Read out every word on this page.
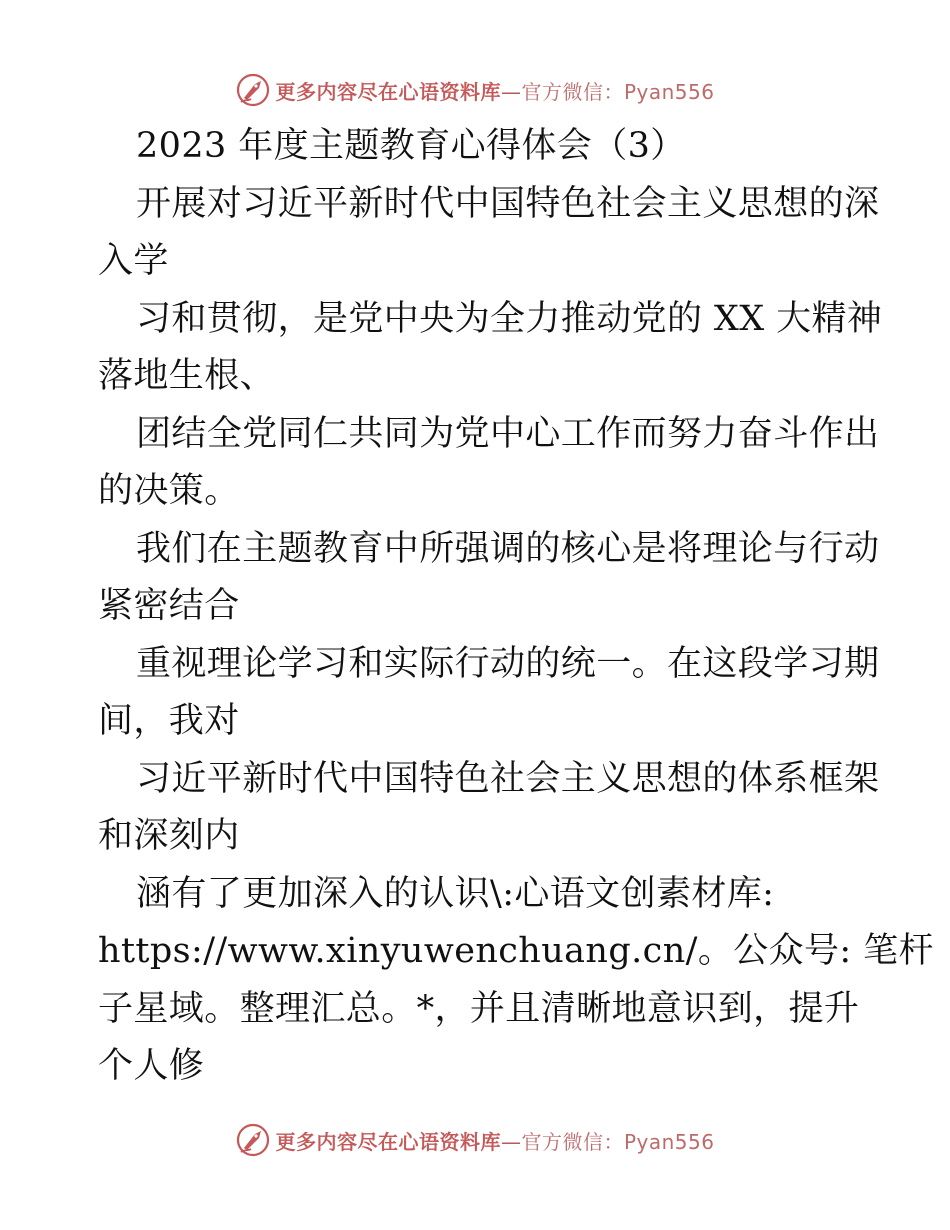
更多内容尽在心语资料库—官方微信：Pyan556
2023 年度主题教育心得体会（3）
开展对习近平新时代中国特色社会主义思想的深
入学
习和贯彻，是党中央为全力推动党的 XX 大精神
落地生根、
团结全党同仁共同为党中心工作而努力奋斗作出
的决策。
我们在主题教育中所强调的核心是将理论与行动
紧密结合
重视理论学习和实际行动的统一。在这段学习期
间，我对
习近平新时代中国特色社会主义思想的体系框架
和深刻内
涵有了更加深入的认识\:心语文创素材库:
https://www.xinyuwenchuang.cn/。公众号: 笔杆
子星域。整理汇总。*，并且清晰地意识到，提升
个人修
更多内容尽在心语资料库—官方微信：Pyan556
